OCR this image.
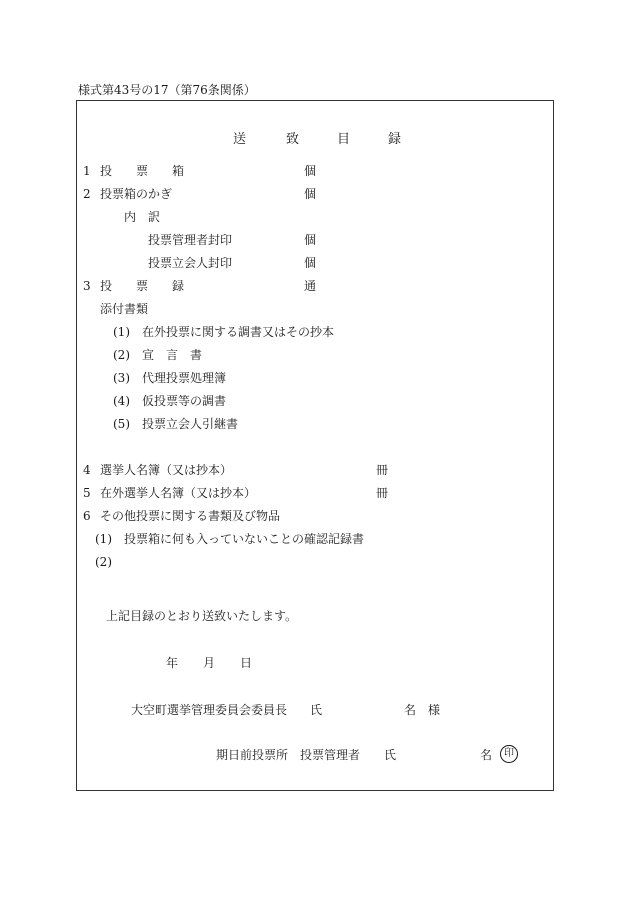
様式第43号の17（第76条関係）
送	致	目	録
1 投 票 箱	個
2 投票箱のかぎ	個
内 訳
投票管理者封印	個
投票立会人封印	個
3 投 票 録	通
添付書類
(1) 在外投票に関する調書又はその抄本
(2) 宣　言　書
(3) 代理投票処理簿
(4) 仮投票等の調書
(5) 投票立会人引継書
4 選挙人名簿（又は抄本）	冊
5 在外選挙人名簿（又は抄本）	冊
6 その他投票に関する書類及び物品
(1) 投票箱に何も入っていないことの確認記録書
(2)
上記目録のとおり送致いたします。
年 月 日
大空町選挙管理委員会委員長 氏	名　様
期日前投票所 投票管理者 氏	名	印
